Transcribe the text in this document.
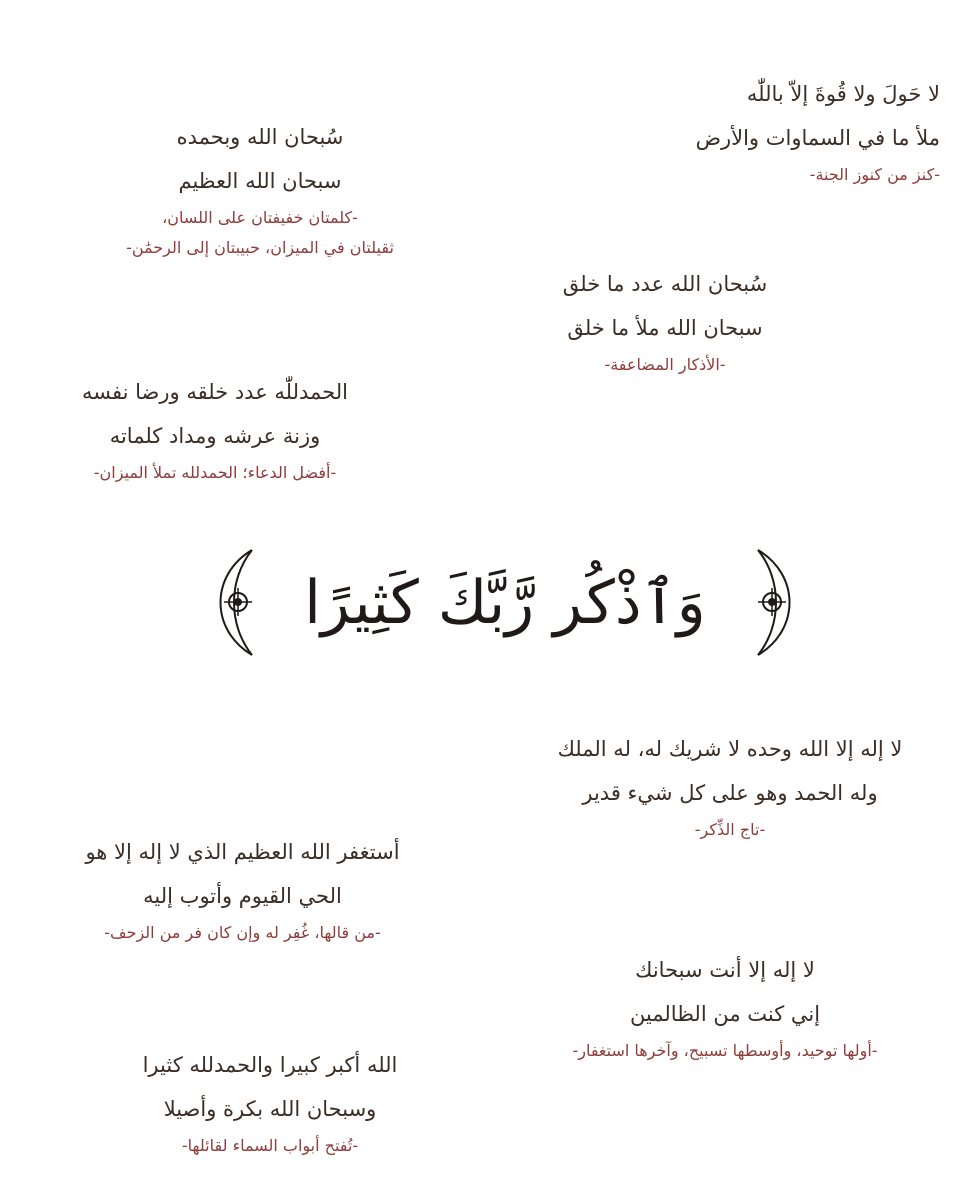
لا حَولَ ولا قُوةَ إلاّ باللّٰه
ملأ ما في السماوات والأرض
-كنز من كنوز الجنة-
سُبحان الله وبحمده
سبحان الله العظيم
-كلمتان خفيفتان على اللسان،
ثقيلتان في الميزان، حبيبتان إلى الرحمَٰن-
سُبحان الله عدد ما خلق
سبحان الله ملأ ما خلق
-الأذكار المضاعفة-
الحمدللّٰه عدد خلقه ورضا نفسه
وزنة عرشه ومداد كلماته
-أفضل الدعاء؛ الحمدلله تملأ الميزان-
وَٱذْكُر رَّبَّكَ كَثِيرًا
لا إله إلا الله وحده لا شريك له، له الملك
وله الحمد وهو على كل شيء قدير
-تاج الذِّكر-
أستغفر الله العظيم الذي لا إله إلا هو
الحي القيوم وأتوب إليه
-من قالها، غُفِر له وإن كان فر من الزحف-
لا إله إلا أنت سبحانك
إني كنت من الظالمين
-أولها توحيد، وأوسطها تسبيح، وآخرها استغفار-
الله أكبر كبيرا والحمدلله كثيرا
وسبحان الله بكرة وأصيلا
-تُفتح أبواب السماء لقائلها-
